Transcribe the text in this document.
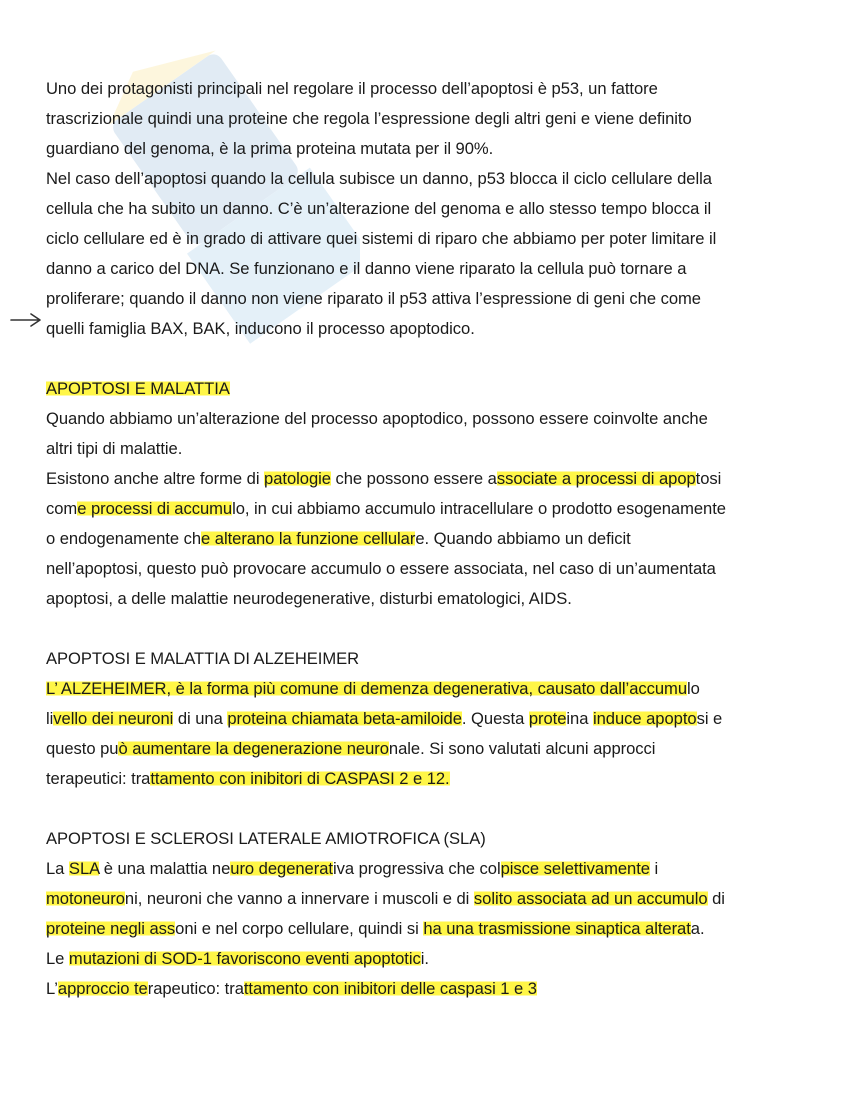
Uno dei protagonisti principali nel regolare il processo dell’apoptosi è p53, un fattore
trascrizionale quindi una proteine che regola l’espressione degli altri geni e viene definito
guardiano del genoma, è la prima proteina mutata per il 90%.
Nel caso dell’apoptosi quando la cellula subisce un danno, p53 blocca il ciclo cellulare della
cellula che ha subito un danno. C’è un’alterazione del genoma e allo stesso tempo blocca il
ciclo cellulare ed è in grado di attivare quei sistemi di riparo che abbiamo per poter limitare il
danno a carico del DNA. Se funzionano e il danno viene riparato la cellula può tornare a
proliferare; quando il danno non viene riparato il p53 attiva l’espressione di geni che come
quelli famiglia BAX, BAK, inducono il processo apoptodico.
APOPTOSI E MALATTIA
Quando abbiamo un’alterazione del processo apoptodico, possono essere coinvolte anche
altri tipi di malattie.
Esistono anche altre forme di patologie che possono essere associate a processi di apoptosi
come processi di accumulo, in cui abbiamo accumulo intracellulare o prodotto esogenamente
o endogenamente che alterano la funzione cellulare. Quando abbiamo un deficit
nell’apoptosi, questo può provocare accumulo o essere associata, nel caso di un’aumentata
apoptosi, a delle malattie neurodegenerative, disturbi ematologici, AIDS.
APOPTOSI E MALATTIA DI ALZEHEIMER
L’ ALZEHEIMER, è la forma più comune di demenza degenerativa, causato dall’accumulo
livello dei neuroni di una proteina chiamata beta-amiloide. Questa proteina induce apoptosi e
questo può aumentare la degenerazione neuronale. Si sono valutati alcuni approcci
terapeutici: trattamento con inibitori di CASPASI 2 e 12.
APOPTOSI E SCLEROSI LATERALE AMIOTROFICA (SLA)
La SLA è una malattia neuro degenerativa progressiva che colpisce selettivamente i
motoneuroni, neuroni che vanno a innervare i muscoli e di solito associata ad un accumulo di
proteine negli assoni e nel corpo cellulare, quindi si ha una trasmissione sinaptica alterata.
Le mutazioni di SOD-1 favoriscono eventi apoptotici.
L’approccio terapeutico: trattamento con inibitori delle caspasi 1 e 3
